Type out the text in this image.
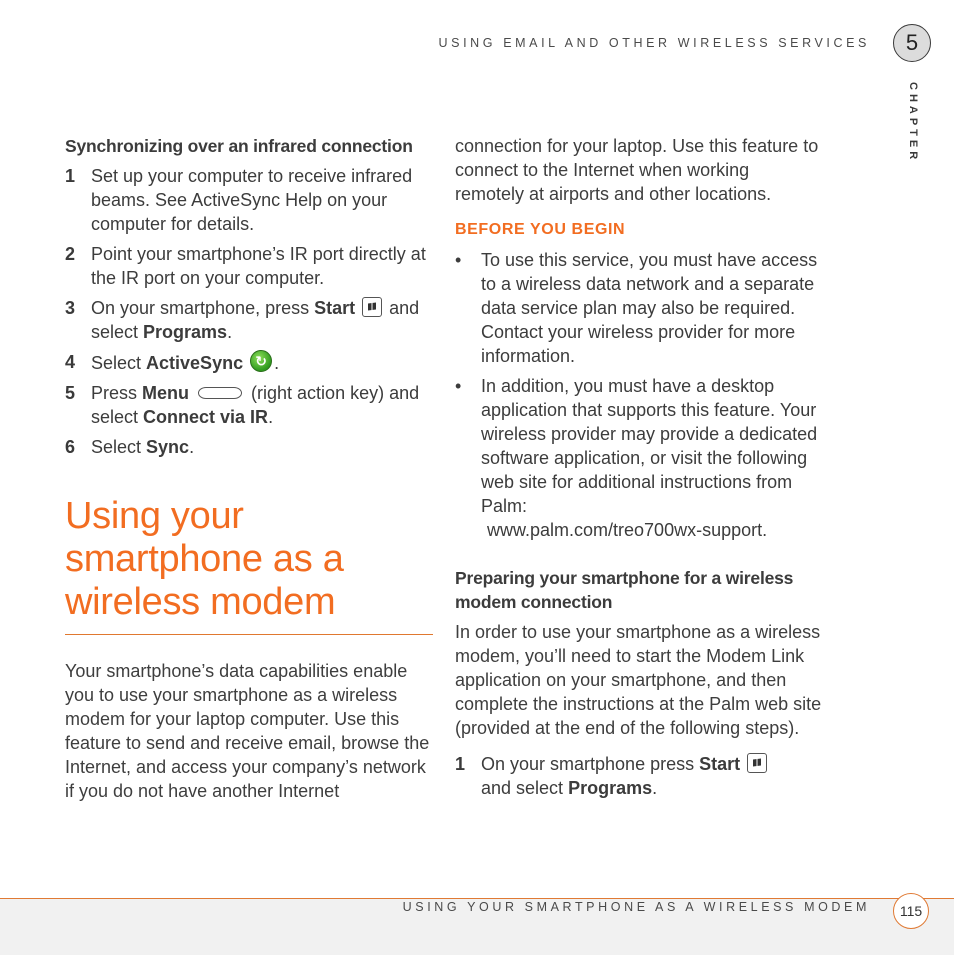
USING EMAIL AND OTHER WIRELESS SERVICES	5
CHAPTER
Synchronizing over an infrared connection
1 Set up your computer to receive infrared beams. See ActiveSync Help on your computer for details.
2 Point your smartphone’s IR port directly at the IR port on your computer.
3 On your smartphone, press Start  and select Programs.
4 Select ActiveSync ↻ .
5 Press Menu	(right action key) and select Connect via IR.
6 Select Sync.
Using your smartphone as a wireless modem
Your smartphone’s data capabilities enable you to use your smartphone as a wireless modem for your laptop computer. Use this feature to send and receive email, browse the Internet, and access your company’s network if you do not have another Internet
connection for your laptop. Use this feature to connect to the Internet when working remotely at airports and other locations.
BEFORE YOU BEGIN
•	To use this service, you must have access to a wireless data network and a separate data service plan may also be required. Contact your wireless provider for more information.
•	In addition, you must have a desktop application that supports this feature. Your wireless provider may provide a dedicated software application, or visit the following web site for additional instructions from Palm:
www.palm.com/treo700wx-support.
Preparing your smartphone for a wireless modem connection
In order to use your smartphone as a wireless modem, you’ll need to start the Modem Link application on your smartphone, and then complete the instructions at the Palm web site (provided at the end of the following steps).
1 On your smartphone press Start
and select Programs.
USING YOUR SMARTPHONE AS A WIRELESS MODEM	115
